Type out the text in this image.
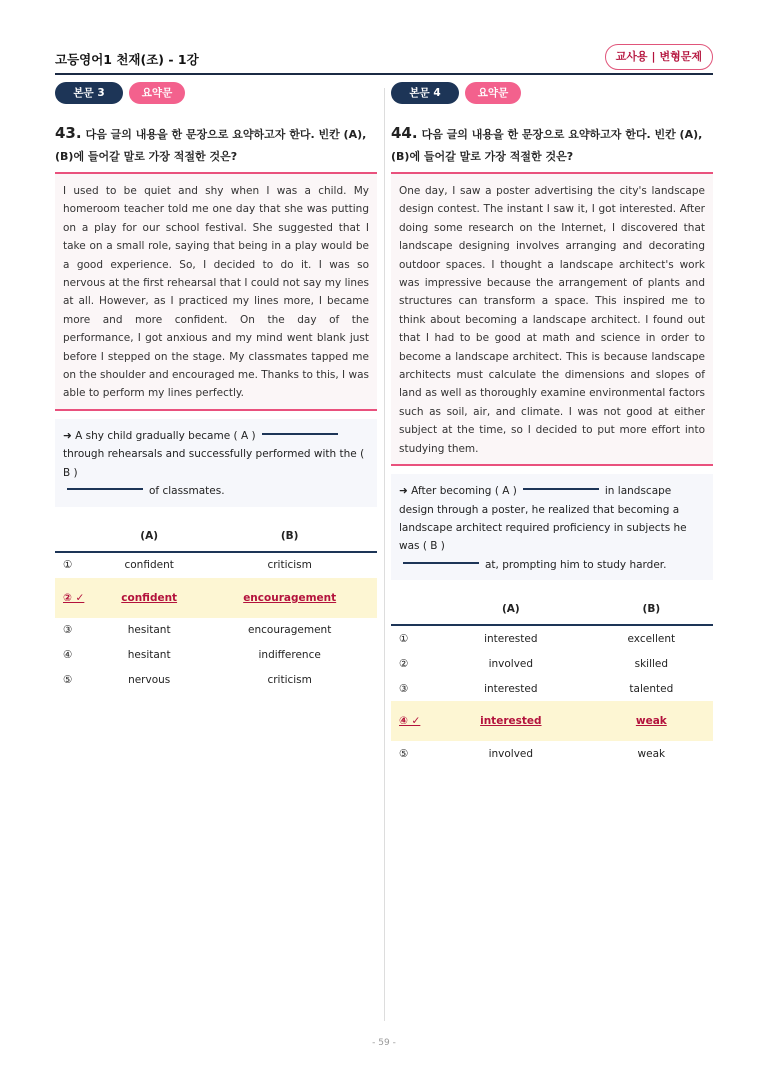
고등영어1 천재(조) - 1강	교사용 | 변형문제
본문 3	요약문
43. 다음 글의 내용을 한 문장으로 요약하고자 한다. 빈칸 (A), (B)에 들어갈 말로 가장 적절한 것은?
I used to be quiet and shy when I was a child. My homeroom teacher told me one day that she was putting on a play for our school festival. She suggested that I take on a small role, saying that being in a play would be a good experience. So, I decided to do it. I was so nervous at the first rehearsal that I could not say my lines at all. However, as I practiced my lines more, I became more and more confident. On the day of the performance, I got anxious and my mind went blank just before I stepped on the stage. My classmates tapped me on the shoulder and encouraged me. Thanks to this, I was able to perform my lines perfectly.
➜ A shy child gradually became ( A )through rehearsals and successfully performed with the ( B )
of classmates.
	(A)	(B)
①	confident	criticism
② ✓	confident	encouragement
③	hesitant	encouragement
④	hesitant	indifference
⑤	nervous	criticism
본문 4	요약문
44. 다음 글의 내용을 한 문장으로 요약하고자 한다. 빈칸 (A), (B)에 들어갈 말로 가장 적절한 것은?
One day, I saw a poster advertising the city's landscape design contest. The instant I saw it, I got interested. After doing some research on the Internet, I discovered that landscape designing involves arranging and decorating outdoor spaces. I thought a landscape architect's work was impressive because the arrangement of plants and structures can transform a space. This inspired me to think about becoming a landscape architect. I found out that I had to be good at math and science in order to become a landscape architect. This is because landscape architects must calculate the dimensions and slopes of land as well as thoroughly examine environmental factors such as soil, air, and climate. I was not good at either subject at the time, so I decided to put more effort into studying them.
➜ After becoming ( A )	in landscape design through a poster, he realized that becoming a landscape architect required proficiency in subjects he was ( B )
at, prompting him to study harder.
	(A)	(B)
①	interested	excellent
②	involved	skilled
③	interested	talented
④ ✓	interested	weak
⑤	involved	weak
- 59 -
